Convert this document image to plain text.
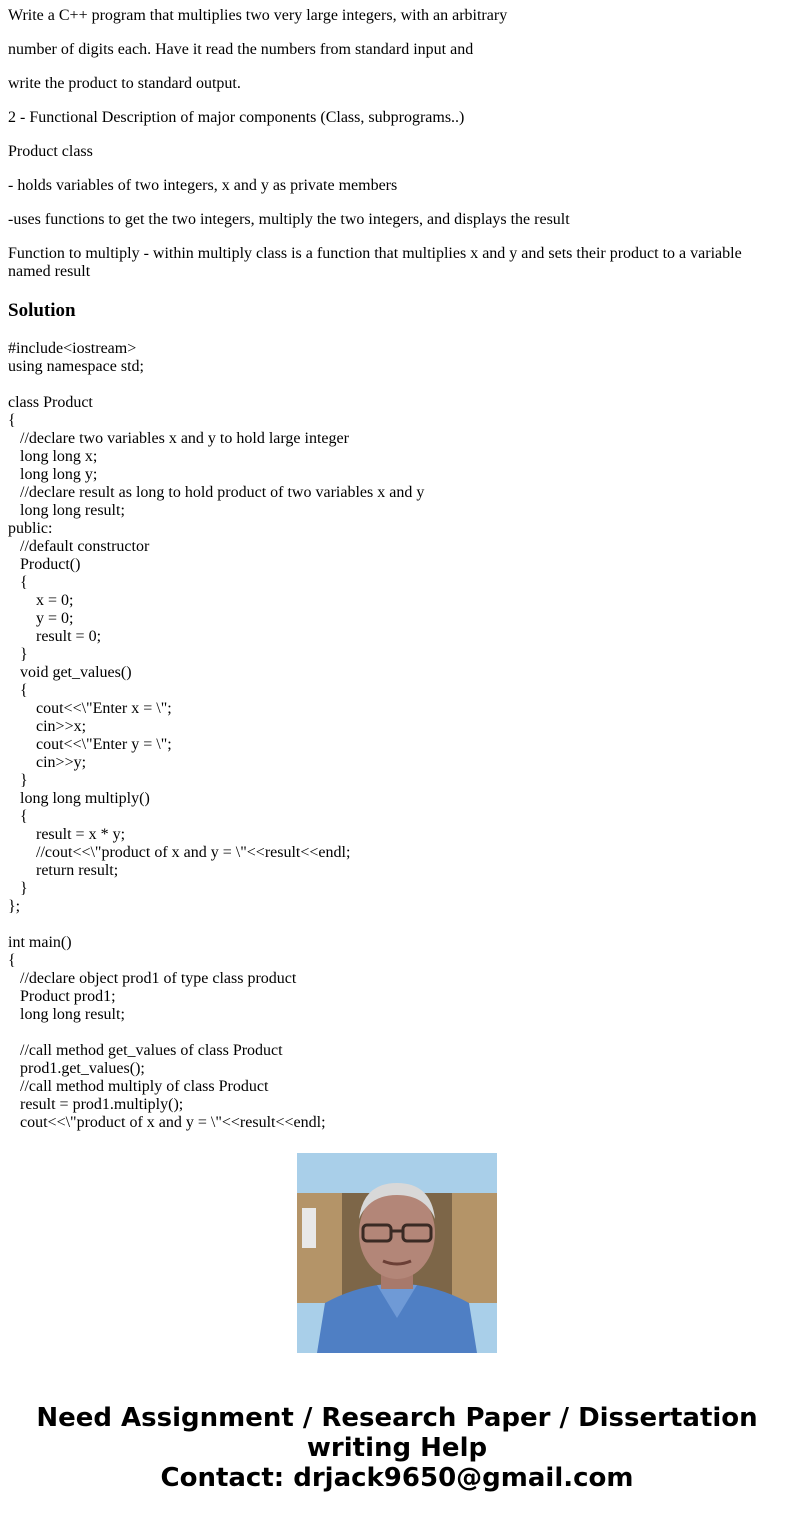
Write a C++ program that multiplies two very large integers, with an arbitrary

number of digits each. Have it read the numbers from standard input and

write the product to standard output.

2 - Functional Description of major components (Class, subprograms..)

Product class

- holds variables of two integers, x and y as private members

-uses functions to get the two integers, multiply the two integers, and displays the result

Function to multiply - within multiply class is a function that multiplies x and y and sets their product to a variable named result

Solution
#include<iostream>
using namespace std;
class Product
{
//declare two variables x and y to hold large integer
long long x;
long long y;
//declare result as long to hold product of two variables x and y
long long result;
public:
//default constructor
Product()
{
x = 0;
y = 0;
result = 0;
}
void get_values()
{
cout<<\"Enter x = \";
cin>>x;
cout<<\"Enter y = \";
cin>>y;
}
long long multiply()
{
result = x * y;
//cout<<\"product of x and y = \"<<result<<endl;
return result;
}
};
int main()
{
//declare object prod1 of type class product
Product prod1;
long long result;
//call method get_values of class Product
prod1.get_values();
//call method multiply of class Product
result = prod1.multiply();
cout<<\"product of x and y = \"<<result<<endl;
Need Assignment / Research Paper / Dissertation
writing Help
Contact: drjack9650@gmail.com
